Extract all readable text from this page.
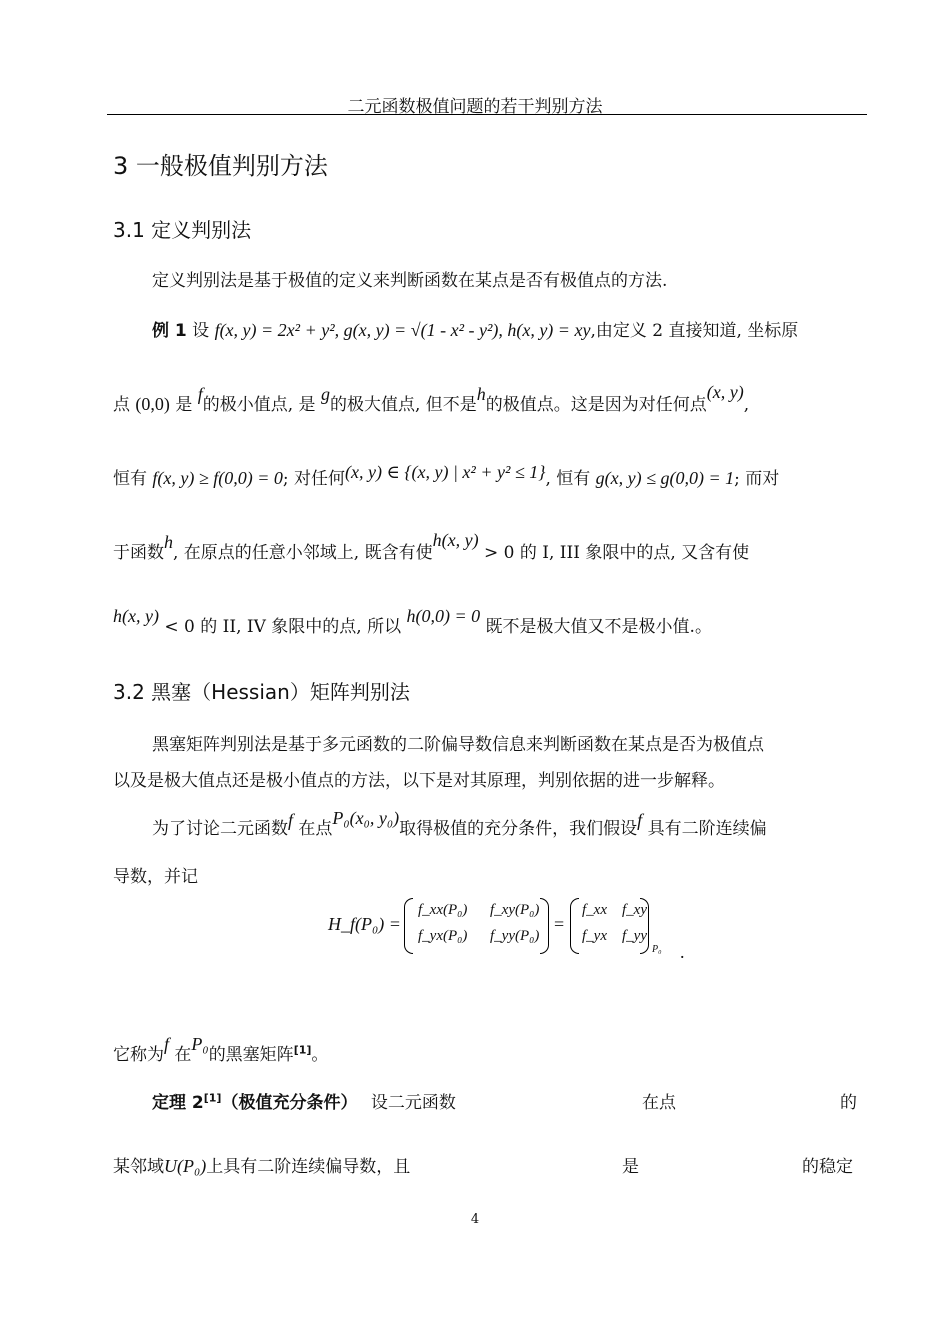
二元函数极值问题的若干判别方法
3 一般极值判别方法
3.1 定义判别法
定义判别法是基于极值的定义来判断函数在某点是否有极值点的方法.
例 1 设 f(x, y) = 2x² + y², g(x, y) = √(1 - x² - y²), h(x, y) = xy,由定义 2 直接知道, 坐标原
点 (0,0) 是 f的极小值点, 是 g的极大值点, 但不是h的极值点。这是因为对任何点(x, y),
恒有 f(x, y) ≥ f(0,0) = 0; 对任何(x, y) ∈ {(x, y) | x² + y² ≤ 1}, 恒有 g(x, y) ≤ g(0,0) = 1; 而对
于函数h, 在原点的任意小邻域上, 既含有使h(x, y) > 0 的 I, III 象限中的点, 又含有使
h(x, y) < 0 的 II, IV 象限中的点, 所以 h(0,0) = 0 既不是极大值又不是极小值.。
3.2 黑塞（Hessian）矩阵判别法
黑塞矩阵判别法是基于多元函数的二阶偏导数信息来判断函数在某点是否为极值点
以及是极大值点还是极小值点的方法，以下是对其原理，判别依据的进一步解释。
为了讨论二元函数f 在点P₀(x₀, y₀)取得极值的充分条件，我们假设f 具有二阶连续偏
导数，并记
H_f(P₀) =
f_xx(P₀) f_xy(P₀)
f_yx(P₀) f_yy(P₀)
=
f_xx f_xy
f_yx f_yy
P₀ .
它称为f 在P₀的黑塞矩阵[1]。
定理 2[1]（极值充分条件） 设二元函数	在点	的
某邻域U(P₀)上具有二阶连续偏导数，且	是	的稳定
4
